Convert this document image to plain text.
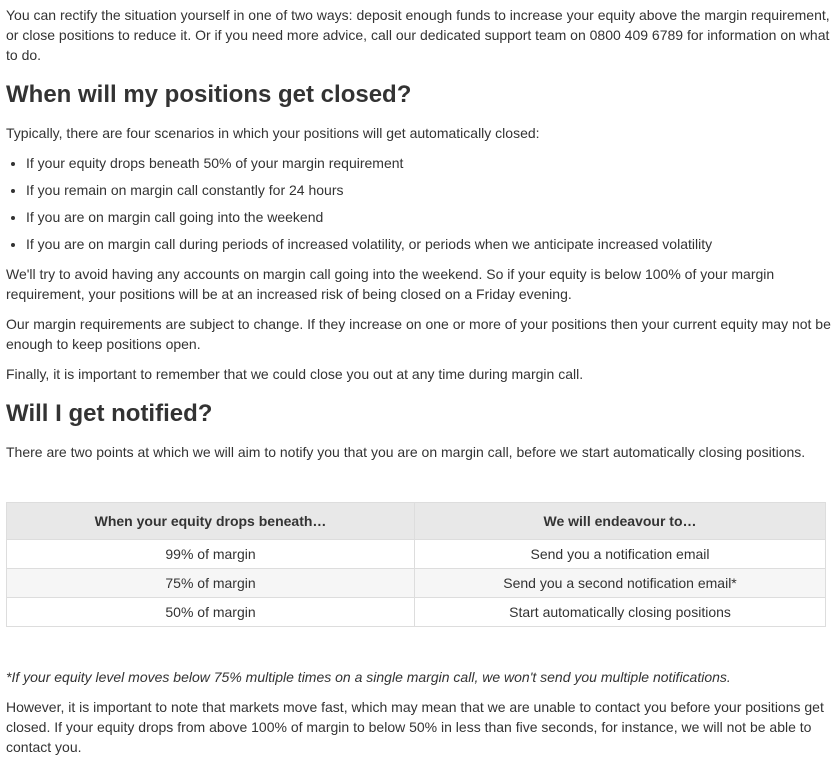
You can rectify the situation yourself in one of two ways: deposit enough funds to increase your equity above the margin requirement, or close positions to reduce it. Or if you need more advice, call our dedicated support team on 0800 409 6789 for information on what to do.

When will my positions get closed?

Typically, there are four scenarios in which your positions will get automatically closed:

• If your equity drops beneath 50% of your margin requirement
• If you remain on margin call constantly for 24 hours
• If you are on margin call going into the weekend
• If you are on margin call during periods of increased volatility, or periods when we anticipate increased volatility

We'll try to avoid having any accounts on margin call going into the weekend. So if your equity is below 100% of your margin requirement, your positions will be at an increased risk of being closed on a Friday evening.

Our margin requirements are subject to change. If they increase on one or more of your positions then your current equity may not be enough to keep positions open.

Finally, it is important to remember that we could close you out at any time during margin call.

Will I get notified?

There are two points at which we will aim to notify you that you are on margin call, before we start automatically closing positions.

When your equity drops beneath…	We will endeavour to…
99% of margin	Send you a notification email
75% of margin	Send you a second notification email*
50% of margin	Start automatically closing positions

*If your equity level moves below 75% multiple times on a single margin call, we won't send you multiple notifications.

However, it is important to note that markets move fast, which may mean that we are unable to contact you before your positions get closed. If your equity drops from above 100% of margin to below 50% in less than five seconds, for instance, we will not be able to contact you.
